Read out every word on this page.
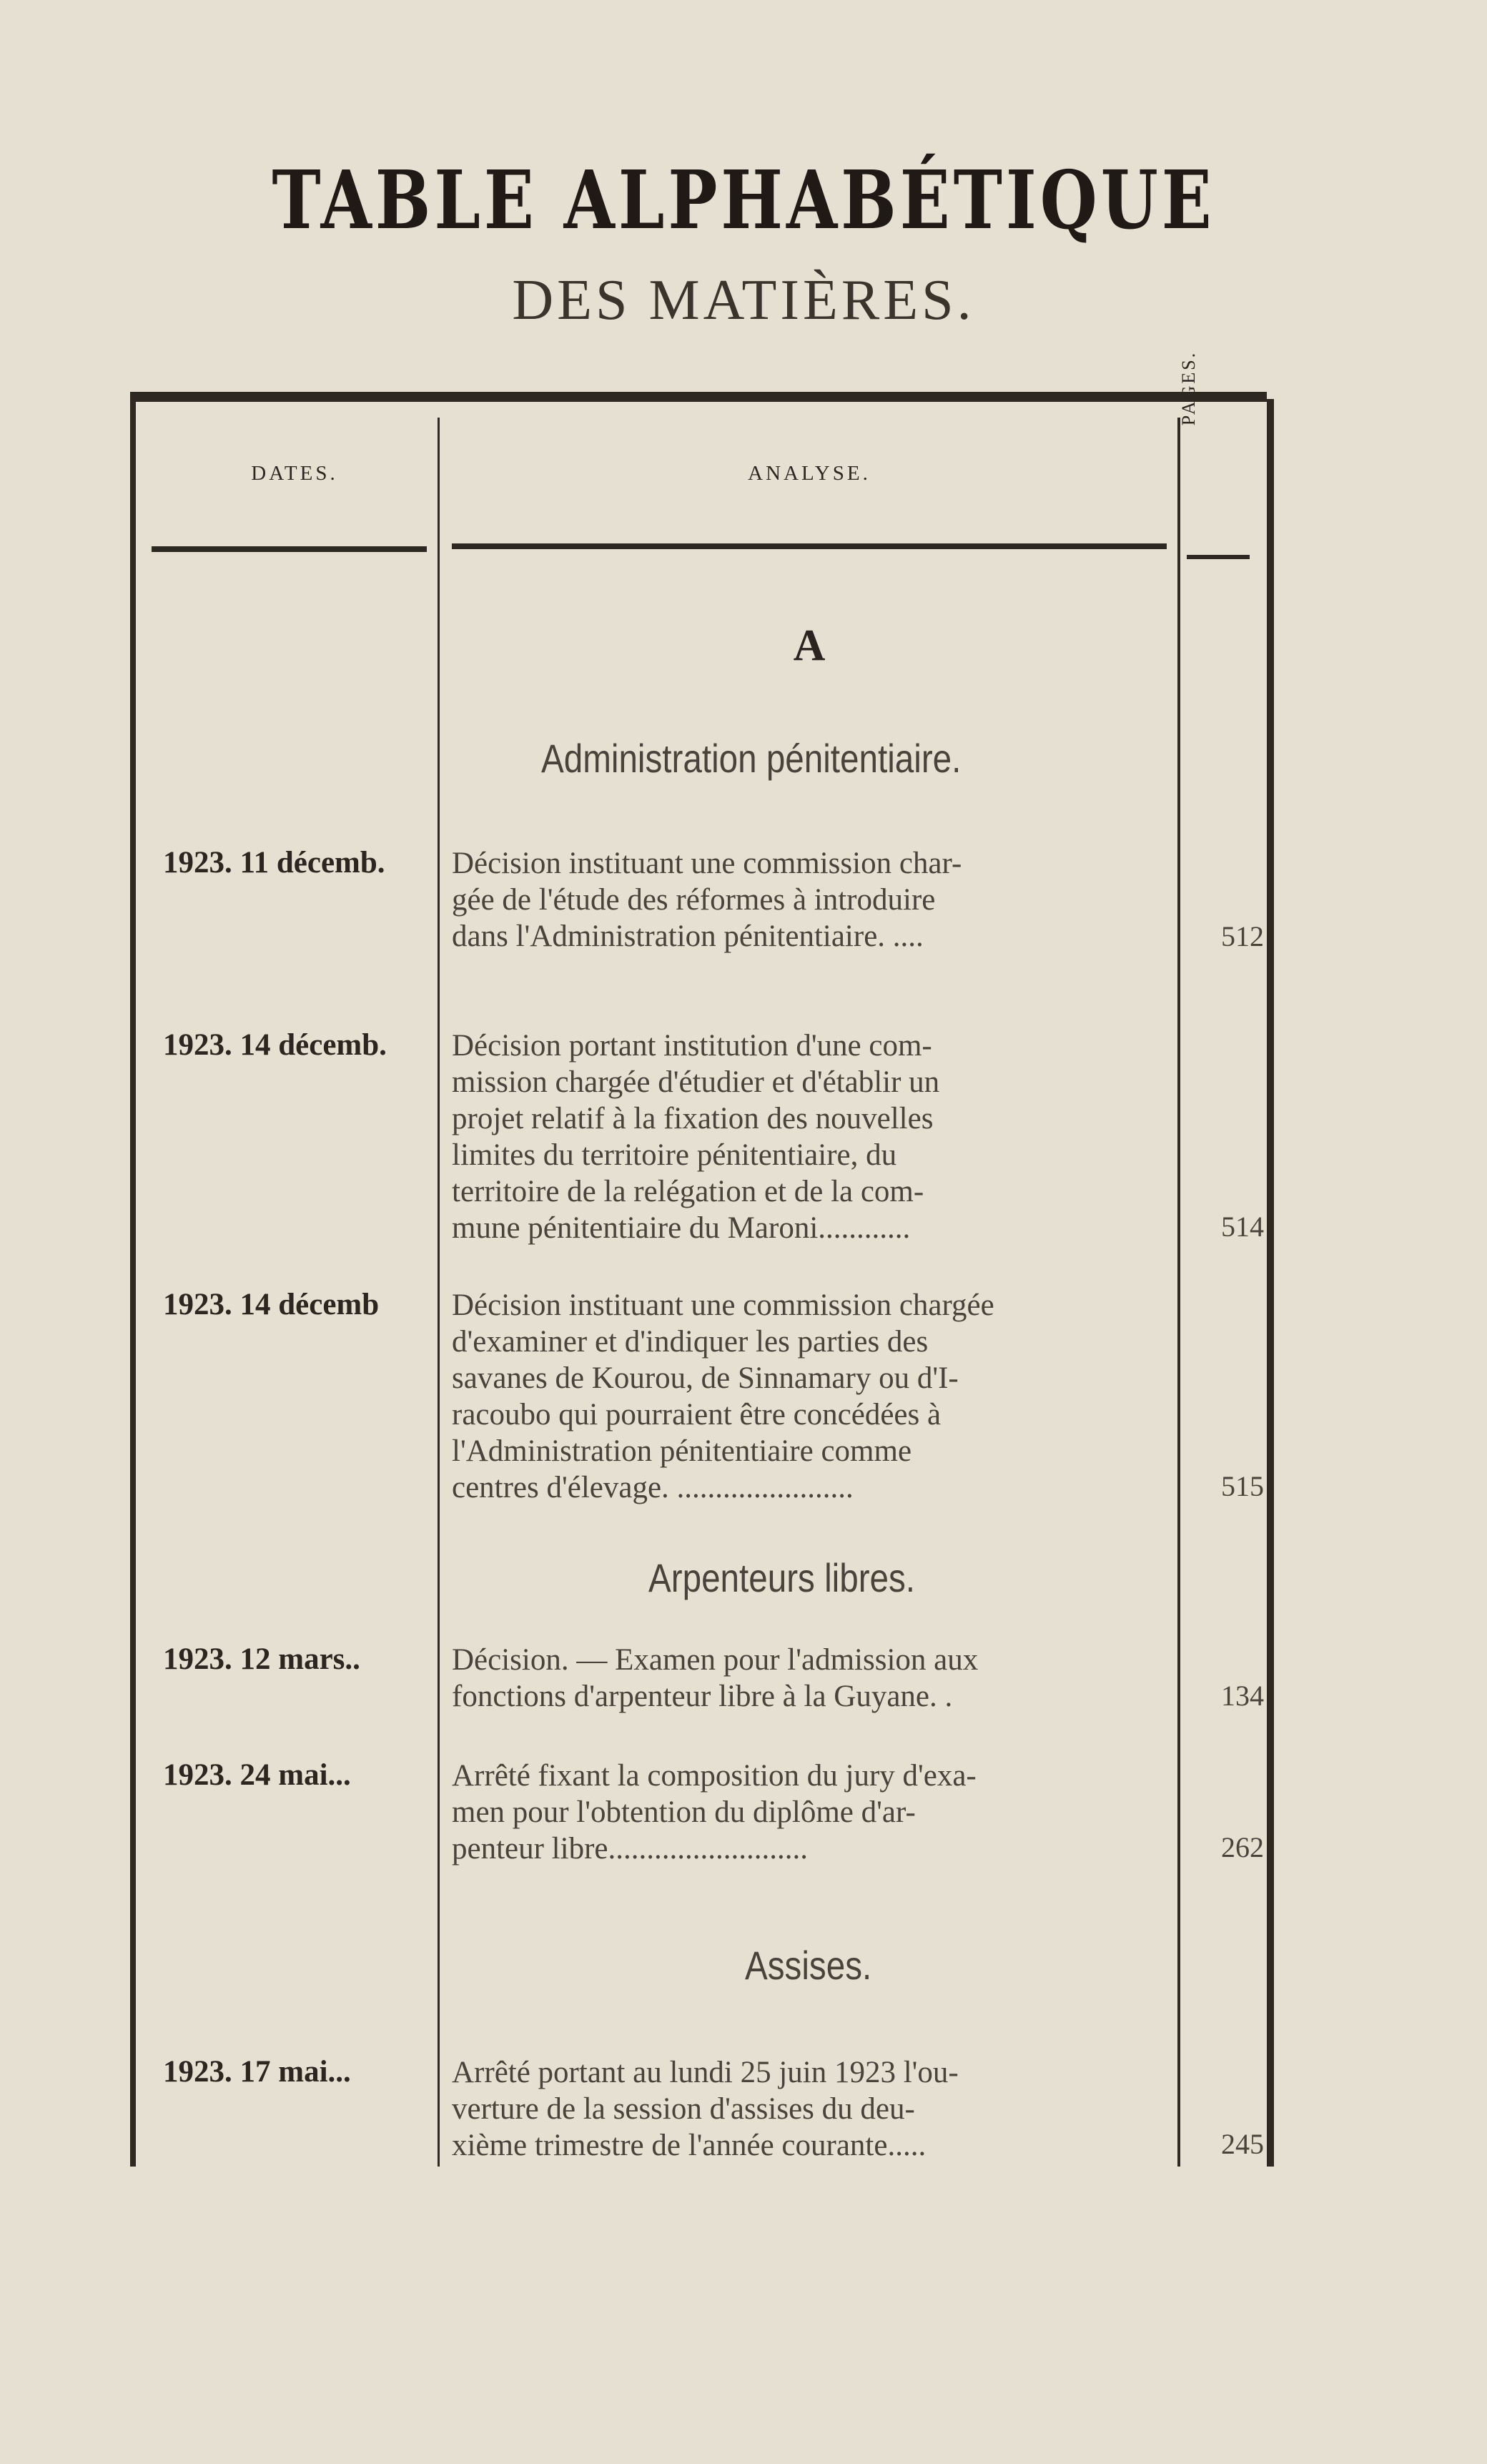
TABLE ALPHABÉTIQUE
DES MATIÈRES.
DATES.	ANALYSE.
PAGES.
A
Administration pénitentiaire.
1923. 11 décemb. Décision instituant une commission char-
gée de l'étude des réformes à introduire
dans l'Administration pénitentiaire. ....	512
1923. 14 décemb. Décision portant institution d'une com-
mission chargée d'étudier et d'établir un
projet relatif à la fixation des nouvelles
limites du territoire pénitentiaire, du
territoire de la relégation et de la com-
mune pénitentiaire du Maroni............	514
1923. 14 décemb Décision instituant une commission chargée
d'examiner et d'indiquer les parties des
savanes de Kourou, de Sinnamary ou d'I-
racoubo qui pourraient être concédées à
l'Administration pénitentiaire comme
centres d'élevage. .......................	515
Arpenteurs libres.
1923. 12 mars..	Décision. — Examen pour l'admission aux
fonctions d'arpenteur libre à la Guyane. .	134
1923. 24 mai...	Arrêté fixant la composition du jury d'exa-
men pour l'obtention du diplôme d'ar-
penteur libre..........................	262
Assises.
1923. 17 mai...	Arrêté portant au lundi 25 juin 1923 l'ou-
verture de la session d'assises du deu-
xième trimestre de l'année courante.....	245
